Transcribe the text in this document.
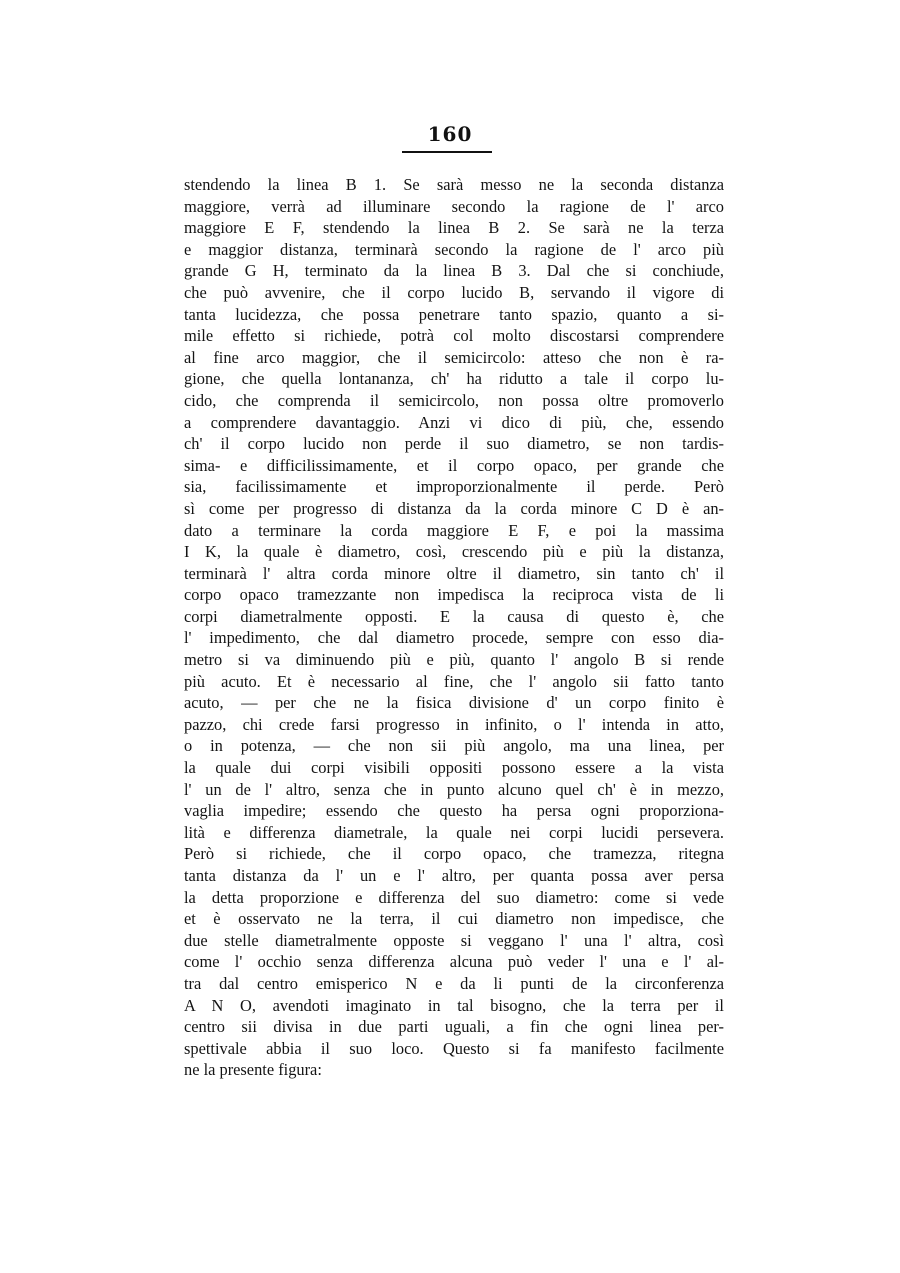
160
stendendo la linea B 1. Se sarà messo ne la seconda distanza
maggiore, verrà ad illuminare secondo la ragione de l' arco
maggiore E F, stendendo la linea B 2. Se sarà ne la terza
e maggior distanza, terminarà secondo la ragione de l' arco più
grande G H, terminato da la linea B 3. Dal che si conchiude,
che può avvenire, che il corpo lucido B, servando il vigore di
tanta lucidezza, che possa penetrare tanto spazio, quanto a si-
mile effetto si richiede, potrà col molto discostarsi comprendere
al fine arco maggior, che il semicircolo: atteso che non è ra-
gione, che quella lontananza, ch' ha ridutto a tale il corpo lu-
cido, che comprenda il semicircolo, non possa oltre promoverlo
a comprendere davantaggio. Anzi vi dico di più, che, essendo
ch' il corpo lucido non perde il suo diametro, se non tardis-
sima- e difficilissimamente, et il corpo opaco, per grande che
sia, facilissimamente et improporzionalmente il perde. Però
sì come per progresso di distanza da la corda minore C D è an-
dato a terminare la corda maggiore E F, e poi la massima
I K, la quale è diametro, così, crescendo più e più la distanza,
terminarà l' altra corda minore oltre il diametro, sin tanto ch' il
corpo opaco tramezzante non impedisca la reciproca vista de li
corpi diametralmente opposti. E la causa di questo è, che
l' impedimento, che dal diametro procede, sempre con esso dia-
metro si va diminuendo più e più, quanto l' angolo B si rende
più acuto. Et è necessario al fine, che l' angolo sii fatto tanto
acuto, — per che ne la fisica divisione d' un corpo finito è
pazzo, chi crede farsi progresso in infinito, o l' intenda in atto,
o in potenza, — che non sii più angolo, ma una linea, per
la quale dui corpi visibili oppositi possono essere a la vista
l' un de l' altro, senza che in punto alcuno quel ch' è in mezzo,
vaglia impedire; essendo che questo ha persa ogni proporziona-
lità e differenza diametrale, la quale nei corpi lucidi persevera.
Però si richiede, che il corpo opaco, che tramezza, ritegna
tanta distanza da l' un e l' altro, per quanta possa aver persa
la detta proporzione e differenza del suo diametro: come si vede
et è osservato ne la terra, il cui diametro non impedisce, che
due stelle diametralmente opposte si veggano l' una l' altra, così
come l' occhio senza differenza alcuna può veder l' una e l' al-
tra dal centro emisperico N e da li punti de la circonferenza
A N O, avendoti imaginato in tal bisogno, che la terra per il
centro sii divisa in due parti uguali, a fin che ogni linea per-
spettivale abbia il suo loco. Questo si fa manifesto facilmente
ne la presente figura:
